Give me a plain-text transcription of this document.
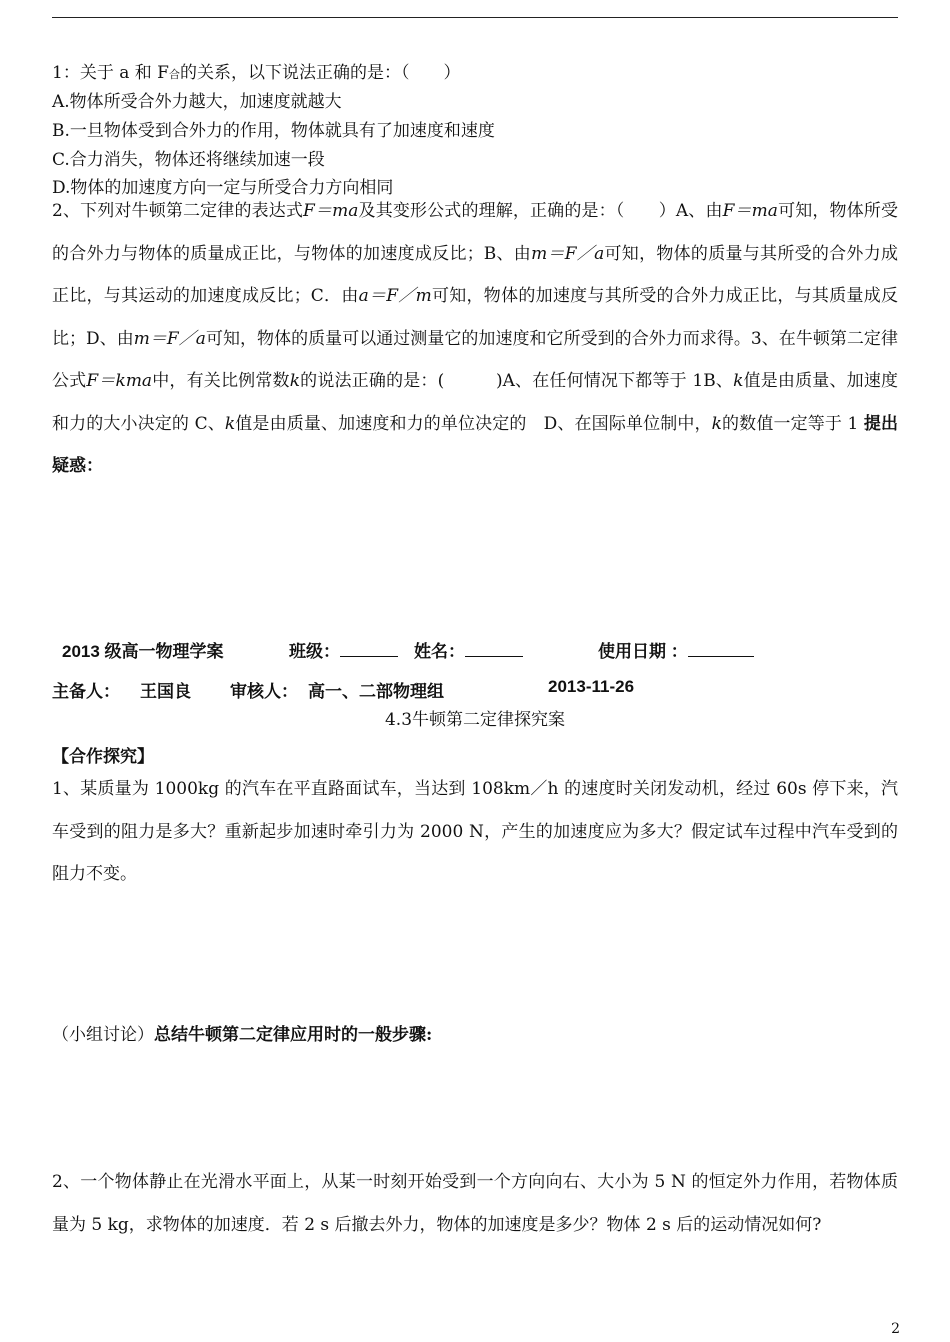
1：关于 a 和 F合的关系，以下说法正确的是：（　　）
A.物体所受合外力越大，加速度就越大
B.一旦物体受到合外力的作用，物体就具有了加速度和速度
C.合力消失，物体还将继续加速一段
D.物体的加速度方向一定与所受合力方向相同
2、下列对牛顿第二定律的表达式F＝ma及其变形公式的理解，正确的是：（　　）A、由F＝ma可知，物体所受的合外力与物体的质量成正比，与物体的加速度成反比；B、由m＝F／a可知，物体的质量与其所受的合外力成正比，与其运动的加速度成反比；C．由a＝F／m可知，物体的加速度与其所受的合外力成正比，与其质量成反比；D、由m＝F／a可知，物体的质量可以通过测量它的加速度和它所受到的合外力而求得。3、在牛顿第二定律公式F＝kma中，有关比例常数k的说法正确的是：(　　　)A、在任何情况下都等于 1B、k值是由质量、加速度和力的大小决定的 C、k值是由质量、加速度和力的单位决定的　D、在国际单位制中，k的数值一定等于 1 提出疑惑：
2013 级高一物理学案	班级：	姓名：	使用日期 ：
主备人： 王国良 审核人： 高一、二部物理组	2013-11-26
4.3牛顿第二定律探究案
【合作探究】
1、某质量为 1000kg 的汽车在平直路面试车，当达到 108km／h 的速度时关闭发动机，经过 60s 停下来，汽车受到的阻力是多大？重新起步加速时牵引力为 2000 N，产生的加速度应为多大？假定试车过程中汽车受到的阻力不变。
（小组讨论）总结牛顿第二定律应用时的一般步骤:
2、一个物体静止在光滑水平面上，从某一时刻开始受到一个方向向右、大小为 5 N 的恒定外力作用，若物体质量为 5 kg，求物体的加速度．若 2 s 后撤去外力，物体的加速度是多少？物体 2 s 后的运动情况如何?
2
